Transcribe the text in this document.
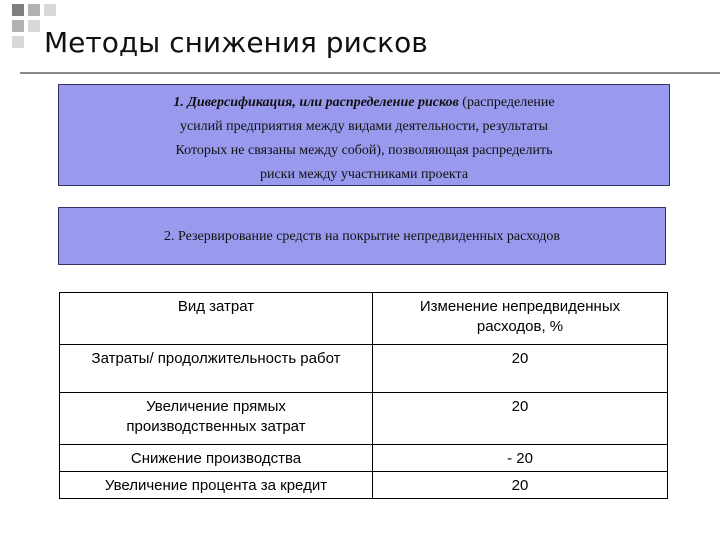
Методы снижения рисков
1. Диверсификация, или распределение рисков (распределение
усилий предприятия между видами деятельности, результаты
Которых не связаны между собой), позволяющая распределить
риски между участниками проекта
2. Резервирование средств на покрытие непредвиденных расходов
Вид затрат	Изменение непредвиденных расходов, %
Затраты/ продолжительность работ	20
Увеличение прямых производственных затрат	20
Снижение производства	- 20
Увеличение процента за кредит	20
